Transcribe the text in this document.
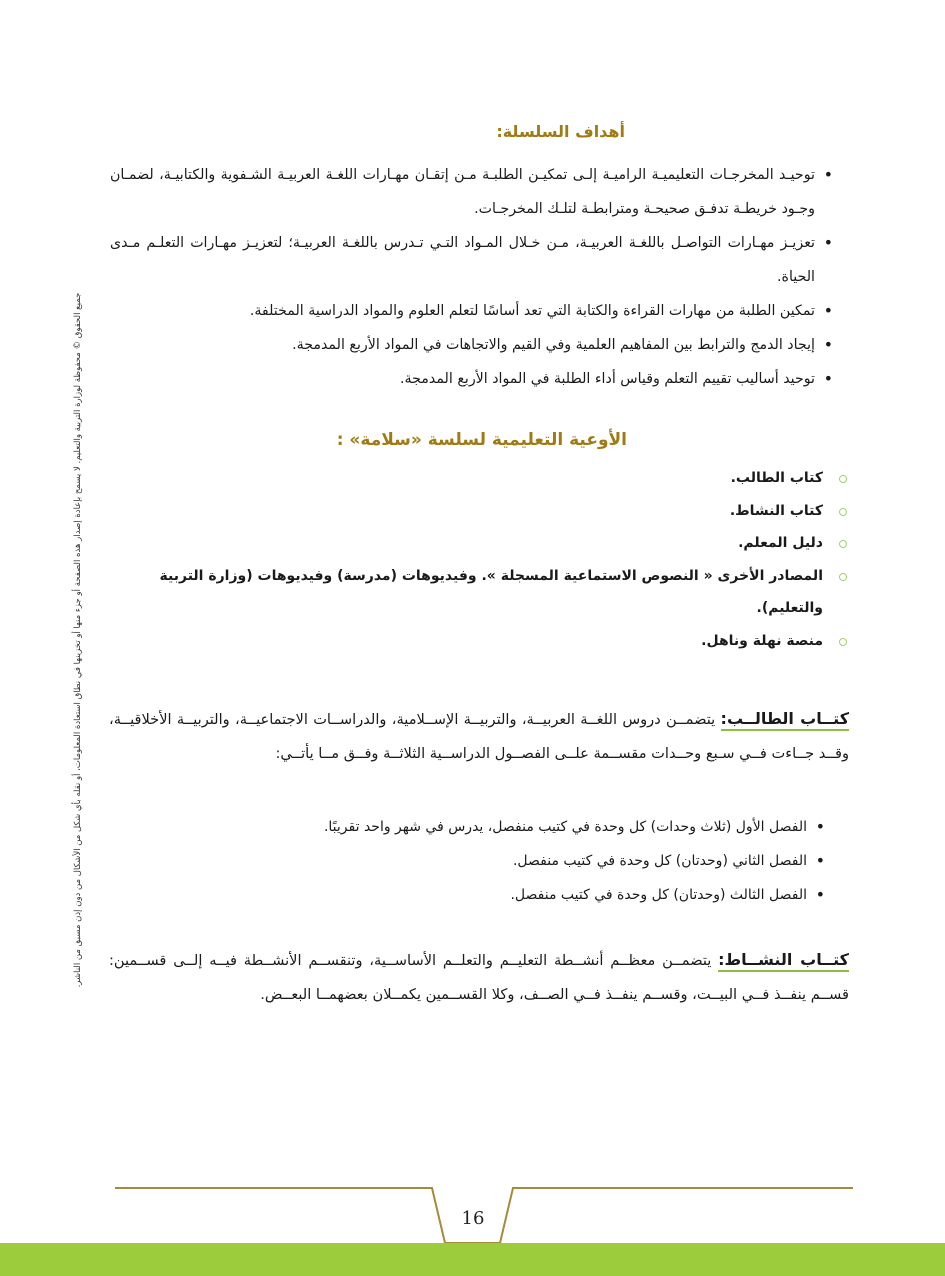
جميع الحقوق © محفوظة لوزارة التربية والتعليم. لا يسمح بإعادة إصدار هذه الصفحة أو جزء منها أو تخزينها في نطاق استعادة المعلومات، أو نقله بأي شكل من الأشكال من دون إذن مسبق من الناشر.
أهداف السلسلة:
• توحيـد المخرجـات التعليميـة الراميـة إلـى تمكيـن الطلبـة مـن إتقـان مهـارات اللغـة العربيـة الشـفوية والكتابيـة، لضمـان وجـود خريطـة تدفـق صحيحـة ومترابطـة لتلـك المخرجـات.
• تعزيـز مهـارات التواصـل باللغـة العربيـة، مـن خـلال المـواد التـي تـدرس باللغـة العربيـة؛ لتعزيـز مهـارات التعلـم مـدى الحياة.
• تمكين الطلبة من مهارات القراءة والكتابة التي تعد أساسًا لتعلم العلوم والمواد الدراسية المختلفة.
• إيجاد الدمج والترابط بين المفاهيم العلمية وفي القيم والاتجاهات في المواد الأربع المدمجة.
• توحيد أساليب تقييم التعلم وقياس أداء الطلبة في المواد الأربع المدمجة.
الأوعية التعليمية لسلسة «سلامة» :
كتاب الطالب.
كتاب النشاط.
دليل المعلم.
المصادر الأخرى « النصوص الاستماعية المسجلة ». وفيديوهات (مدرسة) وفيديوهات (وزارة التربية والتعليم).
منصة نهلة وناهل.
كتــاب الطالــب: يتضمــن دروس اللغــة العربيــة، والتربيــة الإســلامية، والدراســات الاجتماعيــة، والتربيــة الأخلاقيــة، وقــد جــاءت فــي سـبع وحــدات مقســمة علــى الفصــول الدراســية الثلاثــة وفــق مــا يأتــي:
• الفصل الأول (ثلاث وحدات) كل وحدة في كتيب منفصل، يدرس في شهر واحد تقريبًا.
• الفصل الثاني (وحدتان) كل وحدة في كتيب منفصل.
• الفصل الثالث (وحدتان) كل وحدة في كتيب منفصل.
كتــاب النشــاط: يتضمــن معظــم أنشــطة التعليــم والتعلــم الأساســية، وتنقســم الأنشــطة فيــه إلــى قســمين: قســم ينفــذ فــي البيــت، وقســم ينفــذ فــي الصــف، وكلا القســمين يكمــلان بعضهمــا البعــض.
16
